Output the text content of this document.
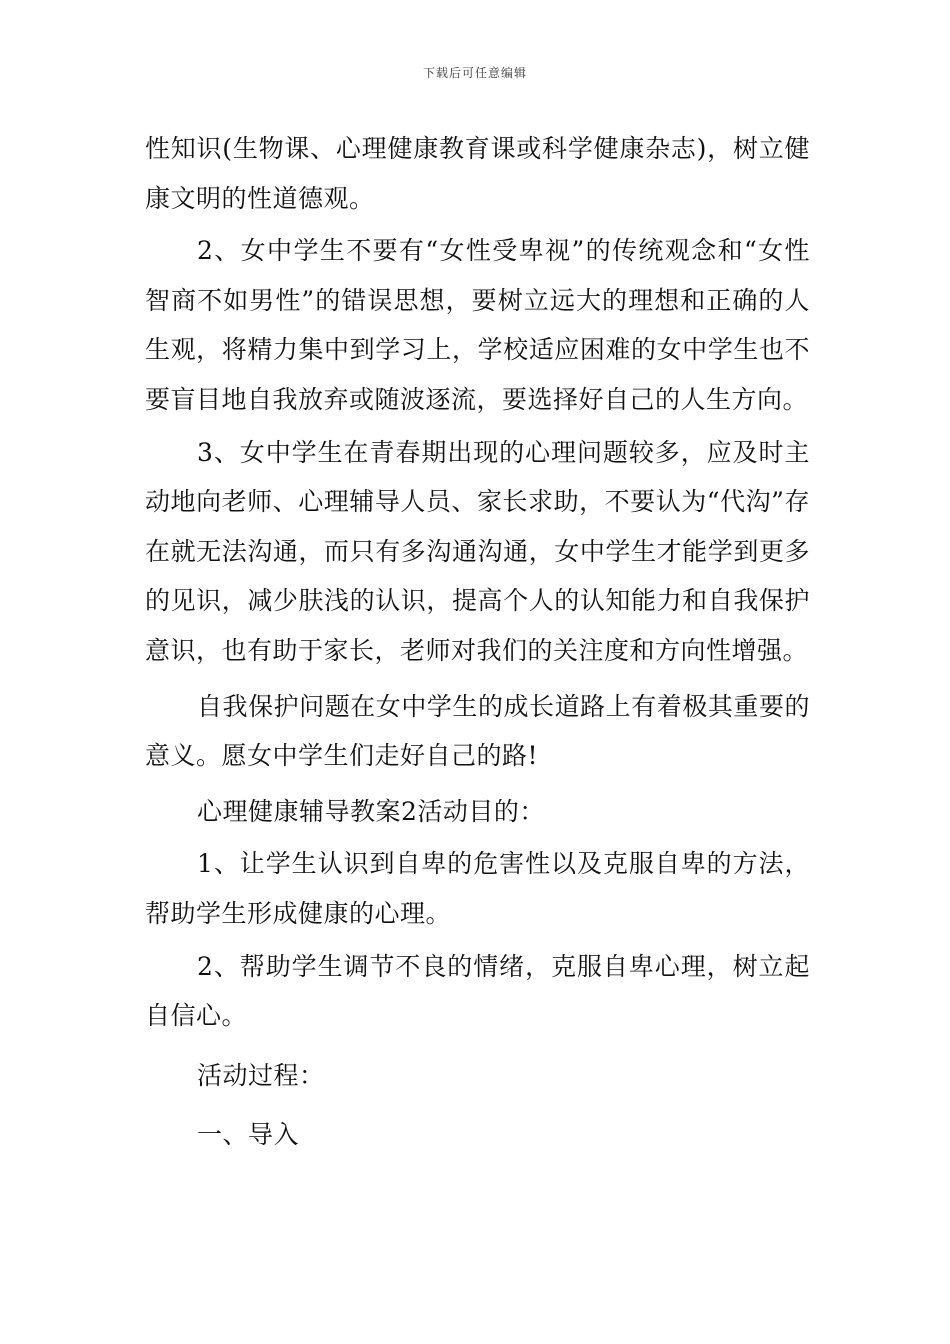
下载后可任意编辑

性知识(生物课、心理健康教育课或科学健康杂志)，树立健康文明的性道德观。

2、女中学生不要有“女性受卑视”的传统观念和“女性智商不如男性”的错误思想，要树立远大的理想和正确的人生观，将精力集中到学习上，学校适应困难的女中学生也不要盲目地自我放弃或随波逐流，要选择好自己的人生方向。

3、女中学生在青春期出现的心理问题较多，应及时主动地向老师、心理辅导人员、家长求助，不要认为“代沟”存在就无法沟通，而只有多沟通沟通，女中学生才能学到更多的见识，减少肤浅的认识，提高个人的认知能力和自我保护意识，也有助于家长，老师对我们的关注度和方向性增强。

自我保护问题在女中学生的成长道路上有着极其重要的意义。愿女中学生们走好自己的路!

心理健康辅导教案2活动目的：

1、让学生认识到自卑的危害性以及克服自卑的方法，帮助学生形成健康的心理。

2、帮助学生调节不良的情绪，克服自卑心理，树立起自信心。

活动过程：

一、导入
